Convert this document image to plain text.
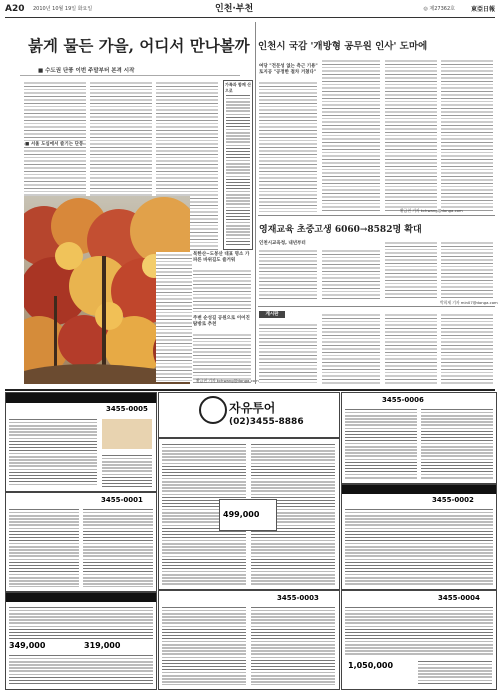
A20 2010년 10월 19일 화요일	인천·부천	◎ 제27362호	東亞日報
붉게 물든 가을, 어디서 만나볼까
■ 수도권 단풍 이번 주말부터 본격 시작
■ 서울 도심에서 즐기는 단풍
북한산~도봉산 대표 명소 가파른 바위길도 즐거워
주변 순성길 공원으로 이어진 탐방로 추천
가족과 함께 산으로
황금천 기자 kchwang@donga.com
인천시 국감 '개방형 공무원 인사' 도마에
여당 "전문성 없는 측근 기용" 토지공 "공정한 절차 거쳤다"
황금천 기자 kchwang@donga.com
영재교육 초중고생 6060→8582명 확대
인천시교육청, 내년부터
박희제 기자 min07@donga.com
게시판
3455-0005
3455-0001
349,000	319,000
자유투어
(02)3455-8886
499,000
3455-0003
3455-0006
3455-0002
3455-0004
1,050,000
